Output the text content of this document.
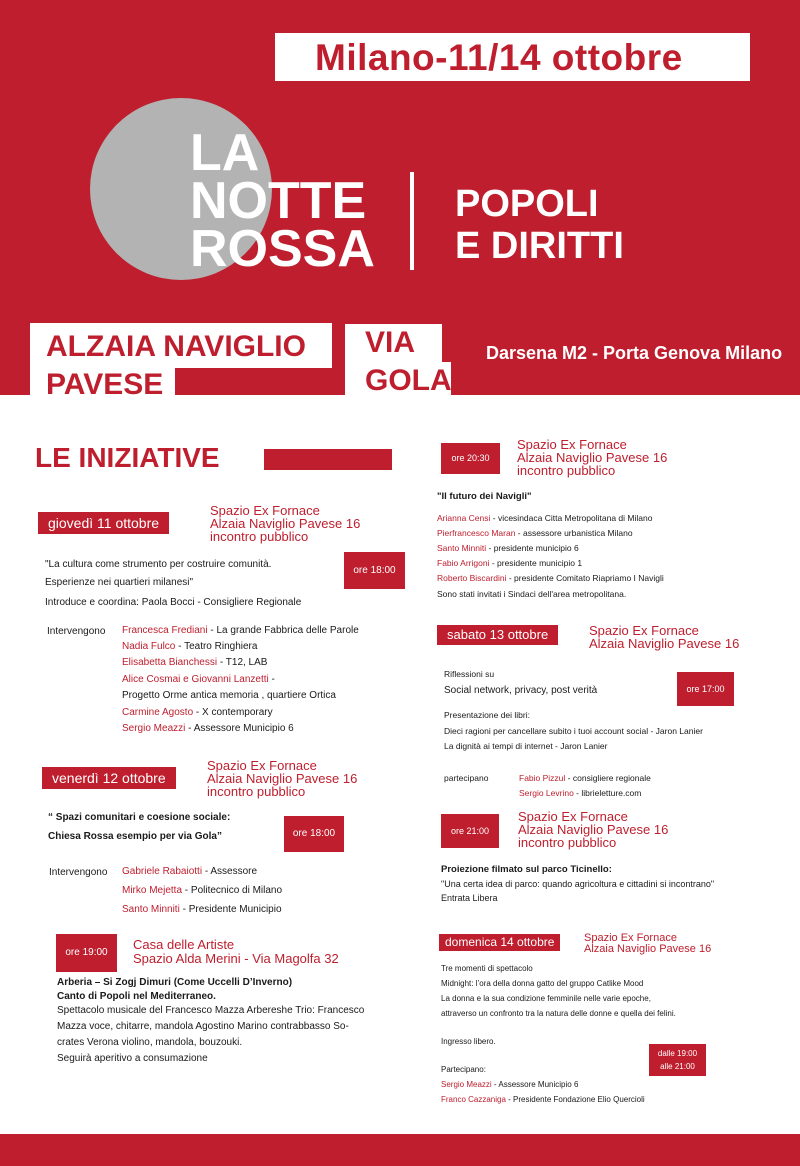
Milano-11/14 ottobre
LA
NOTTE
ROSSA
POPOLI
E DIRITTI
ALZAIA NAVIGLIO
PAVESE
VIA
GOLA
Darsena M2 - Porta Genova Milano
LE INIZIATIVE
giovedì 11 ottobre
Spazio Ex Fornace
Alzaia Naviglio Pavese 16
incontro pubblico
ore 18:00
"La cultura come strumento per costruire comunità.
Esperienze nei quartieri milanesi"
Introduce e coordina: Paola Bocci - Consigliere Regionale
Intervengono Francesca Frediani - La grande Fabbrica delle Parole
Nadia Fulco - Teatro Ringhiera
Elisabetta Bianchessi - T12, LAB
Alice Cosmai e Giovanni Lanzetti -
Progetto Orme antica memoria , quartiere Ortica
Carmine Agosto - X contemporary
Sergio Meazzi - Assessore Municipio 6
venerdì 12 ottobre
Spazio Ex Fornace
Alzaia Naviglio Pavese 16
incontro pubblico
ore 18:00
“ Spazi comunitari e coesione sociale:
Chiesa Rossa esempio per via Gola”
Intervengono Gabriele Rabaiotti - Assessore
Mirko Mejetta - Politecnico di Milano
Santo Minniti - Presidente Municipio
ore 19:00
Casa delle Artiste
Spazio Alda Merini - Via Magolfa 32
Arberia – Si Zogj Dimuri (Come Uccelli D’Inverno)
Canto di Popoli nel Mediterraneo.
Spettacolo musicale del Francesco Mazza Arbereshe Trio: Francesco
Mazza voce, chitarre, mandola Agostino Marino contrabbasso So-
crates Verona violino, mandola, bouzouki.
Seguirà aperitivo a consumazione
ore 20:30
Spazio Ex Fornace
Alzaia Naviglio Pavese 16
incontro pubblico
"Il futuro dei Navigli"
Arianna Censi - vicesindaca Citta Metropolitana di Milano
Pierfrancesco Maran - assessore urbanistica Milano
Santo Minniti - presidente municipio 6
Fabio Arrigoni - presidente municipio 1
Roberto Biscardini - presidente Comitato Riapriamo I Navigli
Sono stati invitati i Sindaci dell'area metropolitana.
sabato 13 ottobre	Spazio Ex Fornace
Alzaia Naviglio Pavese 16
Riflessioni su
Social network, privacy, post verità	ore 17:00
Presentazione dei libri:
Dieci ragioni per cancellare subito i tuoi account social - Jaron Lanier
La dignità ai tempi di internet - Jaron Lanier
partecipano	Fabio Pizzul - consigliere regionale
Sergio Levrino - librieletture.com
ore 21:00
Spazio Ex Fornace
Alzaia Naviglio Pavese 16
incontro pubblico
Proiezione filmato sul parco Ticinello:
"Una certa idea di parco: quando agricoltura e cittadini si incontrano"
Entrata Libera
domenica 14 ottobre	Spazio Ex Fornace
Alzaia Naviglio Pavese 16
Tre momenti di spettacolo
Midnight: l’ora della donna gatto del gruppo Catlike Mood
La donna e la sua condizione femminile nelle varie epoche,
attraverso un confronto tra la natura delle donne e quella dei felini.
Ingresso libero.
dalle 19:00
alle 21:00
Partecipano:
Sergio Meazzi - Assessore Municipio 6
Franco Cazzaniga - Presidente Fondazione Elio Quercioli
